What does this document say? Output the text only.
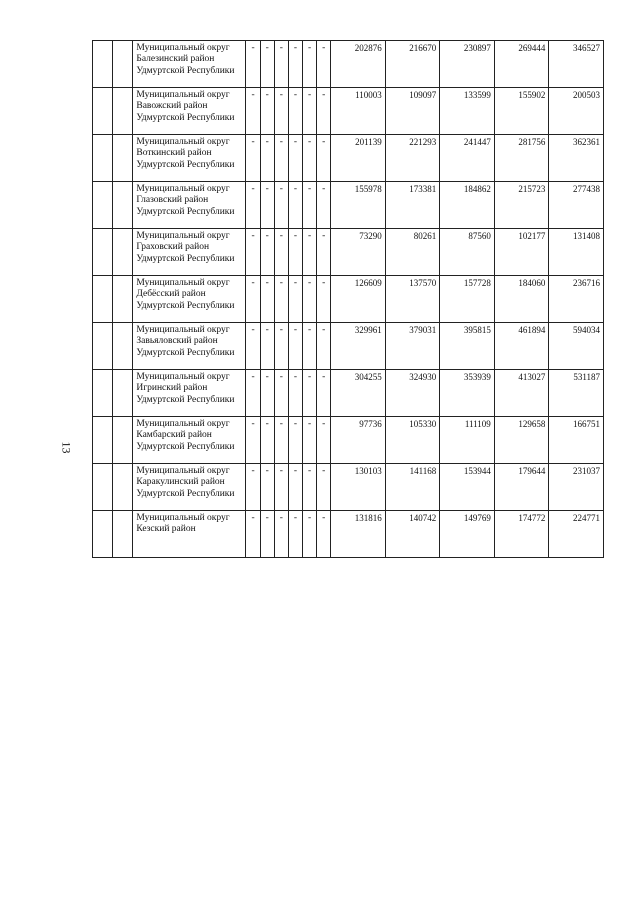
13

		Муниципальный округ
Балезинский район
Удмуртской Республики	-	-	-	-	-	-	202876	216670	230897	269444	346527

		Муниципальный округ
Вавожский район
Удмуртской Республики	-	-	-	-	-	-	110003	109097	133599	155902	200503

		Муниципальный округ
Воткинский район
Удмуртской Республики	-	-	-	-	-	-	201139	221293	241447	281756	362361

		Муниципальный округ
Глазовский район
Удмуртской Республики	-	-	-	-	-	-	155978	173381	184862	215723	277438

		Муниципальный округ
Граховский район
Удмуртской Республики	-	-	-	-	-	-	73290	80261	87560	102177	131408

		Муниципальный округ
Дебёсский район
Удмуртской Республики	-	-	-	-	-	-	126609	137570	157728	184060	236716

		Муниципальный округ
Завьяловский район
Удмуртской Республики	-	-	-	-	-	-	329961	379031	395815	461894	594034

		Муниципальный округ
Игринский район
Удмуртской Республики	-	-	-	-	-	-	304255	324930	353939	413027	531187

		Муниципальный округ
Камбарский район
Удмуртской Республики	-	-	-	-	-	-	97736	105330	111109	129658	166751

		Муниципальный округ
Каракулинский район
Удмуртской Республики	-	-	-	-	-	-	130103	141168	153944	179644	231037

		Муниципальный округ
Кезский район	-	-	-	-	-	-	131816	140742	149769	174772	224771
